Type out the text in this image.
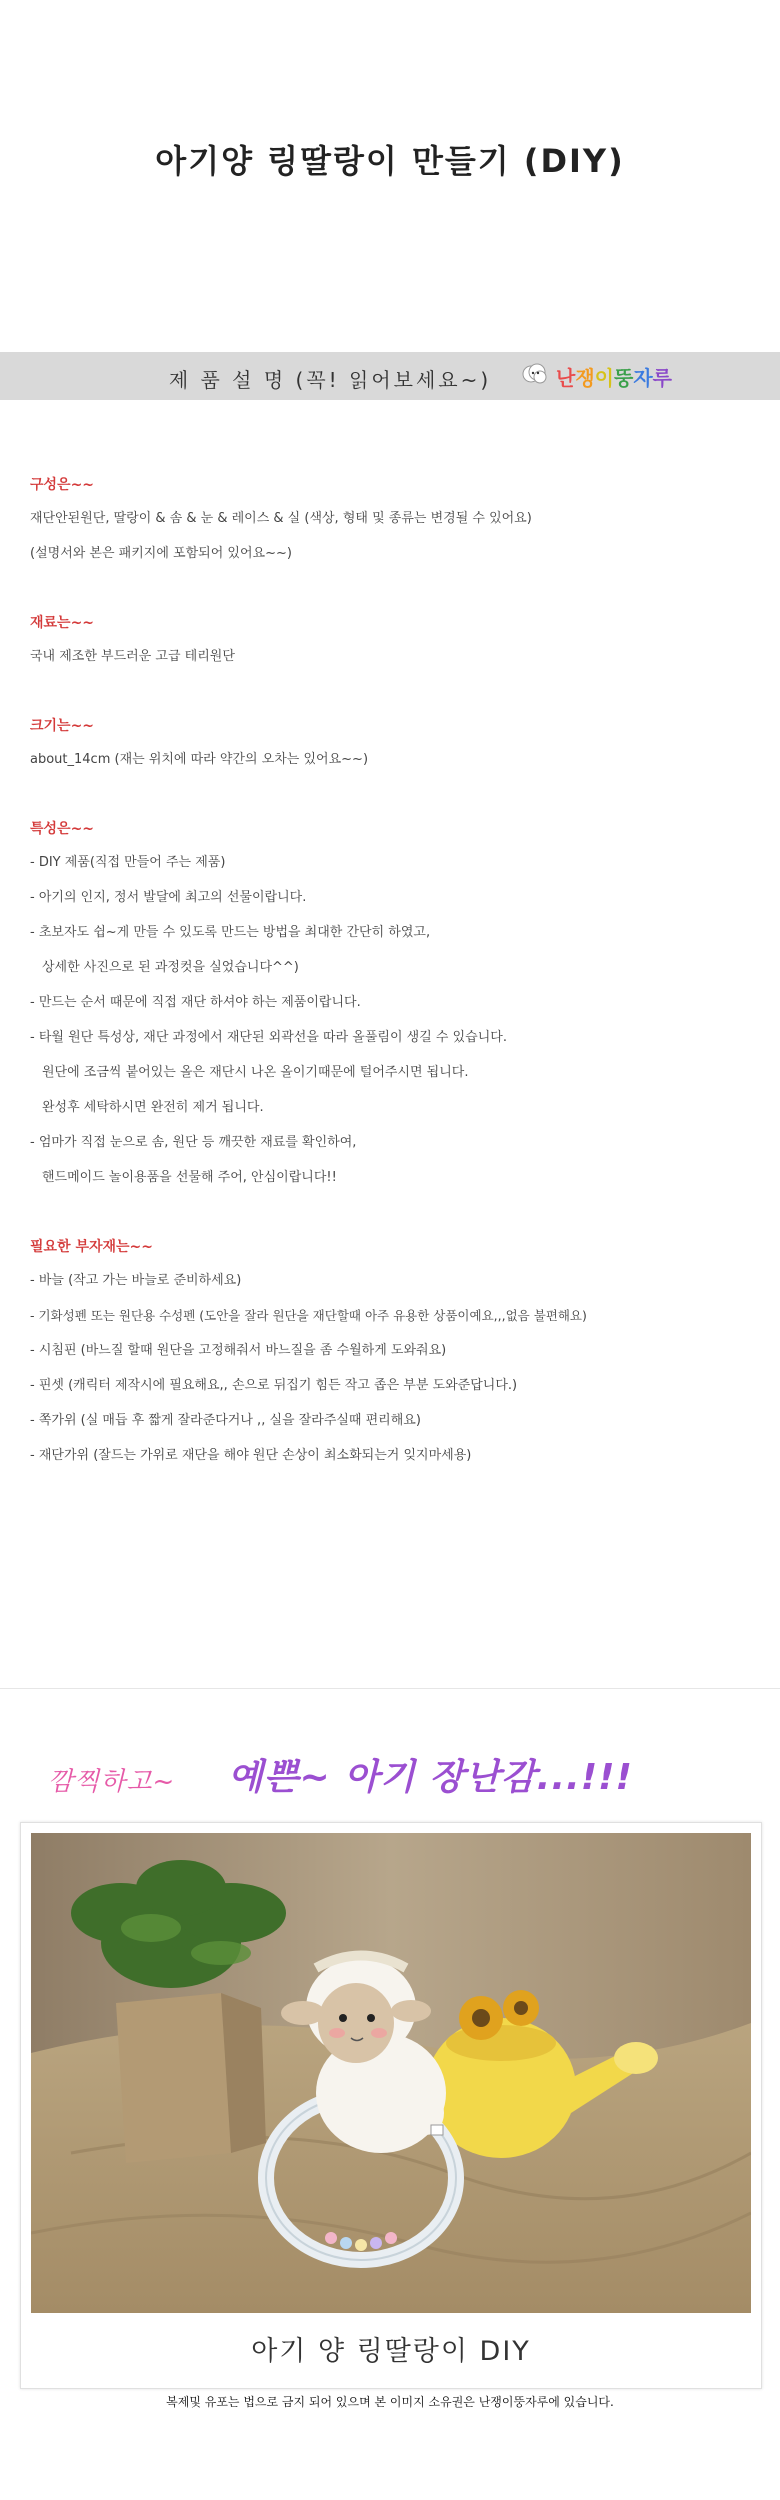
아기양 링딸랑이 만들기 (DIY)
제 품 설 명 (꼭! 읽어보세요~)	난쟁이뚱자루
구성은~~
재단안된원단, 딸랑이 & 솜 & 눈 & 레이스 & 실 (색상, 형태 및 종류는 변경될 수 있어요)
(설명서와 본은 패키지에 포함되어 있어요~~)
재료는~~
국내 제조한 부드러운 고급 테리원단
크기는~~
about_14cm (재는 위치에 따라 약간의 오차는 있어요~~)
특성은~~
- DIY 제품(직접 만들어 주는 제품)
- 아기의 인지, 정서 발달에 최고의 선물이랍니다.
- 초보자도 쉽~게 만들 수 있도록 만드는 방법을 최대한 간단히 하였고,
상세한 사진으로 된 과정컷을 실었습니다^^)
- 만드는 순서 때문에 직접 재단 하셔야 하는 제품이랍니다.
- 타월 원단 특성상, 재단 과정에서 재단된 외곽선을 따라 올풀림이 생길 수 있습니다.
원단에 조금씩 붙어있는 올은 재단시 나온 올이기때문에 털어주시면 됩니다.
완성후 세탁하시면 완전히 제거 됩니다.
- 엄마가 직접 눈으로 솜, 원단 등 깨끗한 재료를 확인하여,
핸드메이드 놀이용품을 선물해 주어, 안심이랍니다!!
필요한 부자재는~~
- 바늘 (작고 가는 바늘로 준비하세요)
- 기화성펜 또는 원단용 수성펜 (도안을 잘라 원단을 재단할때 아주 유용한 상품이예요,,,없음 불편해요)
- 시침핀 (바느질 할때 원단을 고정해줘서 바느질을 좀 수월하게 도와줘요)
- 핀셋 (캐릭터 제작시에 필요해요,, 손으로 뒤집기 힘든 작고 좁은 부분 도와준답니다.)
- 쪽가위 (실 매듭 후 짧게 잘라준다거나 ,, 실을 잘라주실때 편리해요)
- 재단가위 (잘드는 가위로 재단을 해야 원단 손상이 최소화되는거 잊지마세용)
깜찍하고~ 예쁜~ 아기 장난감...!!!
아기 양 링딸랑이 DIY
복제및 유포는 법으로 금지 되어 있으며 본 이미지 소유권은 난쟁이뚱자루에 있습니다.
